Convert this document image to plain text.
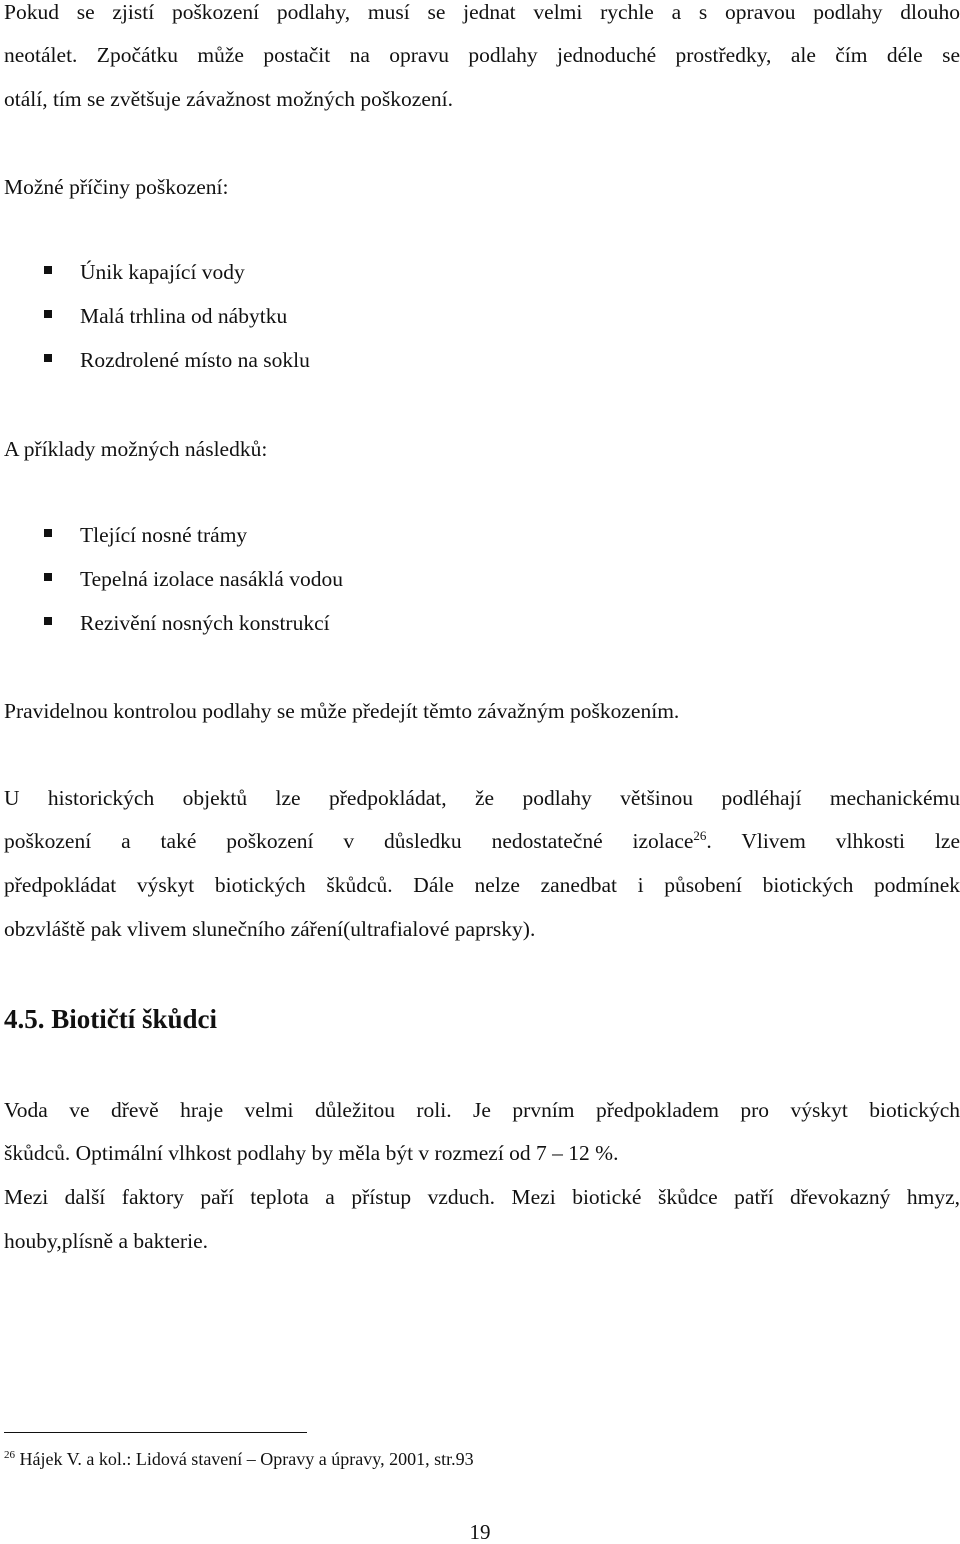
Pokud se zjistí poškození podlahy, musí se jednat velmi rychle a s opravou podlahy dlouho
neotálet. Zpočátku může postačit na opravu podlahy jednoduché prostředky, ale čím déle se
otálí, tím se zvětšuje závažnost možných poškození.
Možné příčiny poškození:
Únik kapající vody
Malá trhlina od nábytku
Rozdrolené místo na soklu
A příklady možných následků:
Tlející nosné trámy
Tepelná izolace nasáklá vodou
Rezivění nosných konstrukcí
Pravidelnou kontrolou podlahy se může předejít těmto závažným poškozením.
U historických objektů lze předpokládat, že podlahy většinou podléhají mechanickému
poškození a také poškození v důsledku nedostatečné izolace$^{26}$. Vlivem vlhkosti lze
předpokládat výskyt biotických škůdců. Dále nelze zanedbat i působení biotických podmínek
obzvláště pak vlivem slunečního záření(ultrafialové paprsky).
4.5. Biotičtí škůdci
Voda ve dřevě hraje velmi důležitou roli. Je prvním předpokladem pro výskyt biotických
škůdců. Optimální vlhkost podlahy by měla být v rozmezí od 7 – 12 %.
Mezi další faktory paří teplota a přístup vzduch. Mezi biotické škůdce patří dřevokazný hmyz,
houby,plísně a bakterie.
$^{26}$ Hájek V. a kol.: Lidová stavení – Opravy a úpravy, 2001, str.93
19
